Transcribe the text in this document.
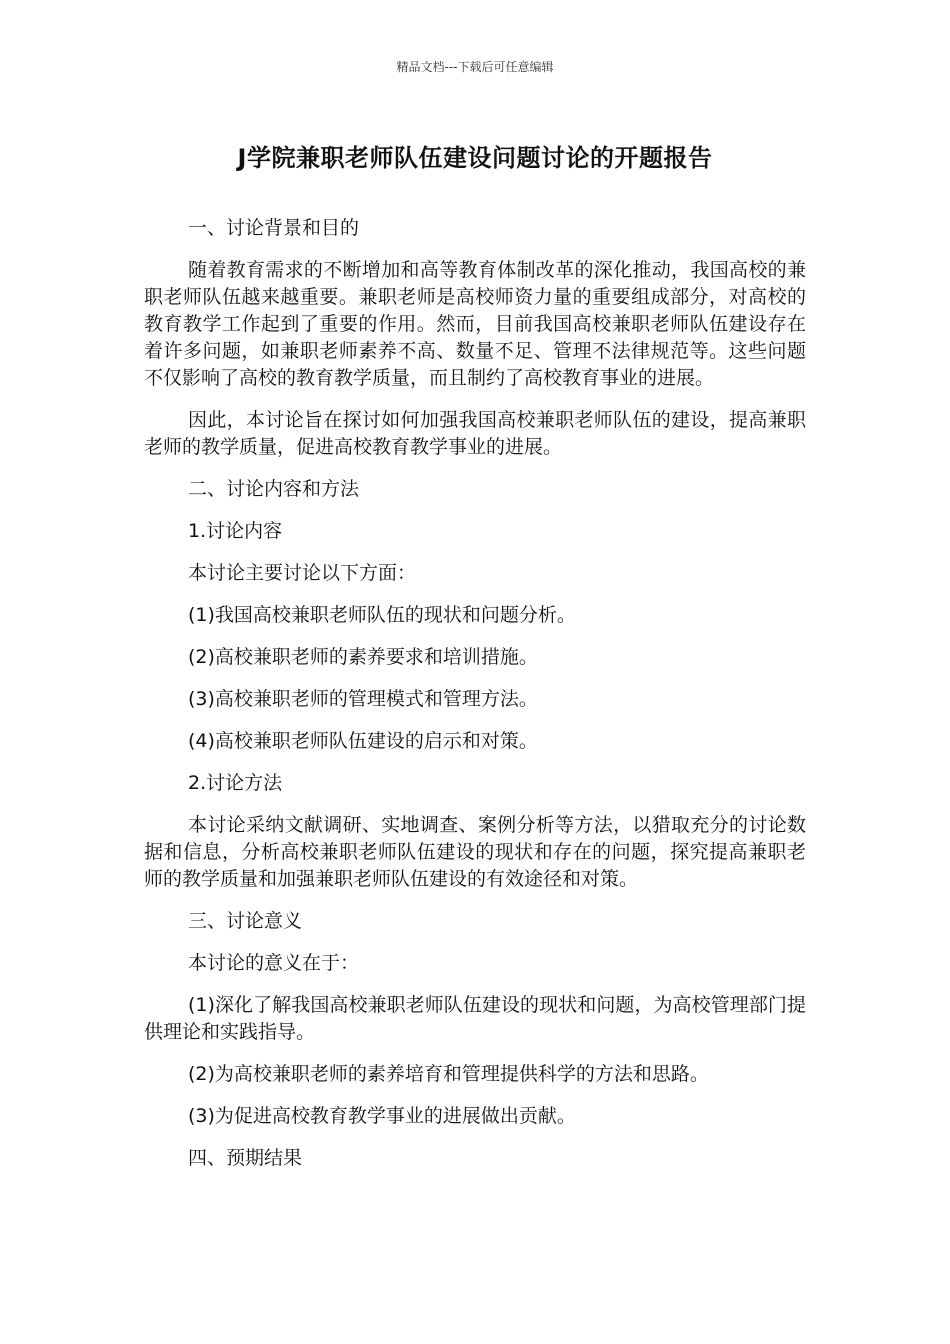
精品文档---下载后可任意编辑
J学院兼职老师队伍建设问题讨论的开题报告

一、讨论背景和目的

随着教育需求的不断增加和高等教育体制改革的深化推动，我国高校的兼职老师队伍越来越重要。兼职老师是高校师资力量的重要组成部分，对高校的教育教学工作起到了重要的作用。然而，目前我国高校兼职老师队伍建设存在着许多问题，如兼职老师素养不高、数量不足、管理不法律规范等。这些问题不仅影响了高校的教育教学质量，而且制约了高校教育事业的进展。

因此，本讨论旨在探讨如何加强我国高校兼职老师队伍的建设，提高兼职老师的教学质量，促进高校教育教学事业的进展。

二、讨论内容和方法

1.讨论内容

本讨论主要讨论以下方面：

(1)我国高校兼职老师队伍的现状和问题分析。

(2)高校兼职老师的素养要求和培训措施。

(3)高校兼职老师的管理模式和管理方法。

(4)高校兼职老师队伍建设的启示和对策。

2.讨论方法

本讨论采纳文献调研、实地调查、案例分析等方法，以猎取充分的讨论数据和信息，分析高校兼职老师队伍建设的现状和存在的问题，探究提高兼职老师的教学质量和加强兼职老师队伍建设的有效途径和对策。

三、讨论意义

本讨论的意义在于：

(1)深化了解我国高校兼职老师队伍建设的现状和问题，为高校管理部门提供理论和实践指导。

(2)为高校兼职老师的素养培育和管理提供科学的方法和思路。

(3)为促进高校教育教学事业的进展做出贡献。

四、预期结果
